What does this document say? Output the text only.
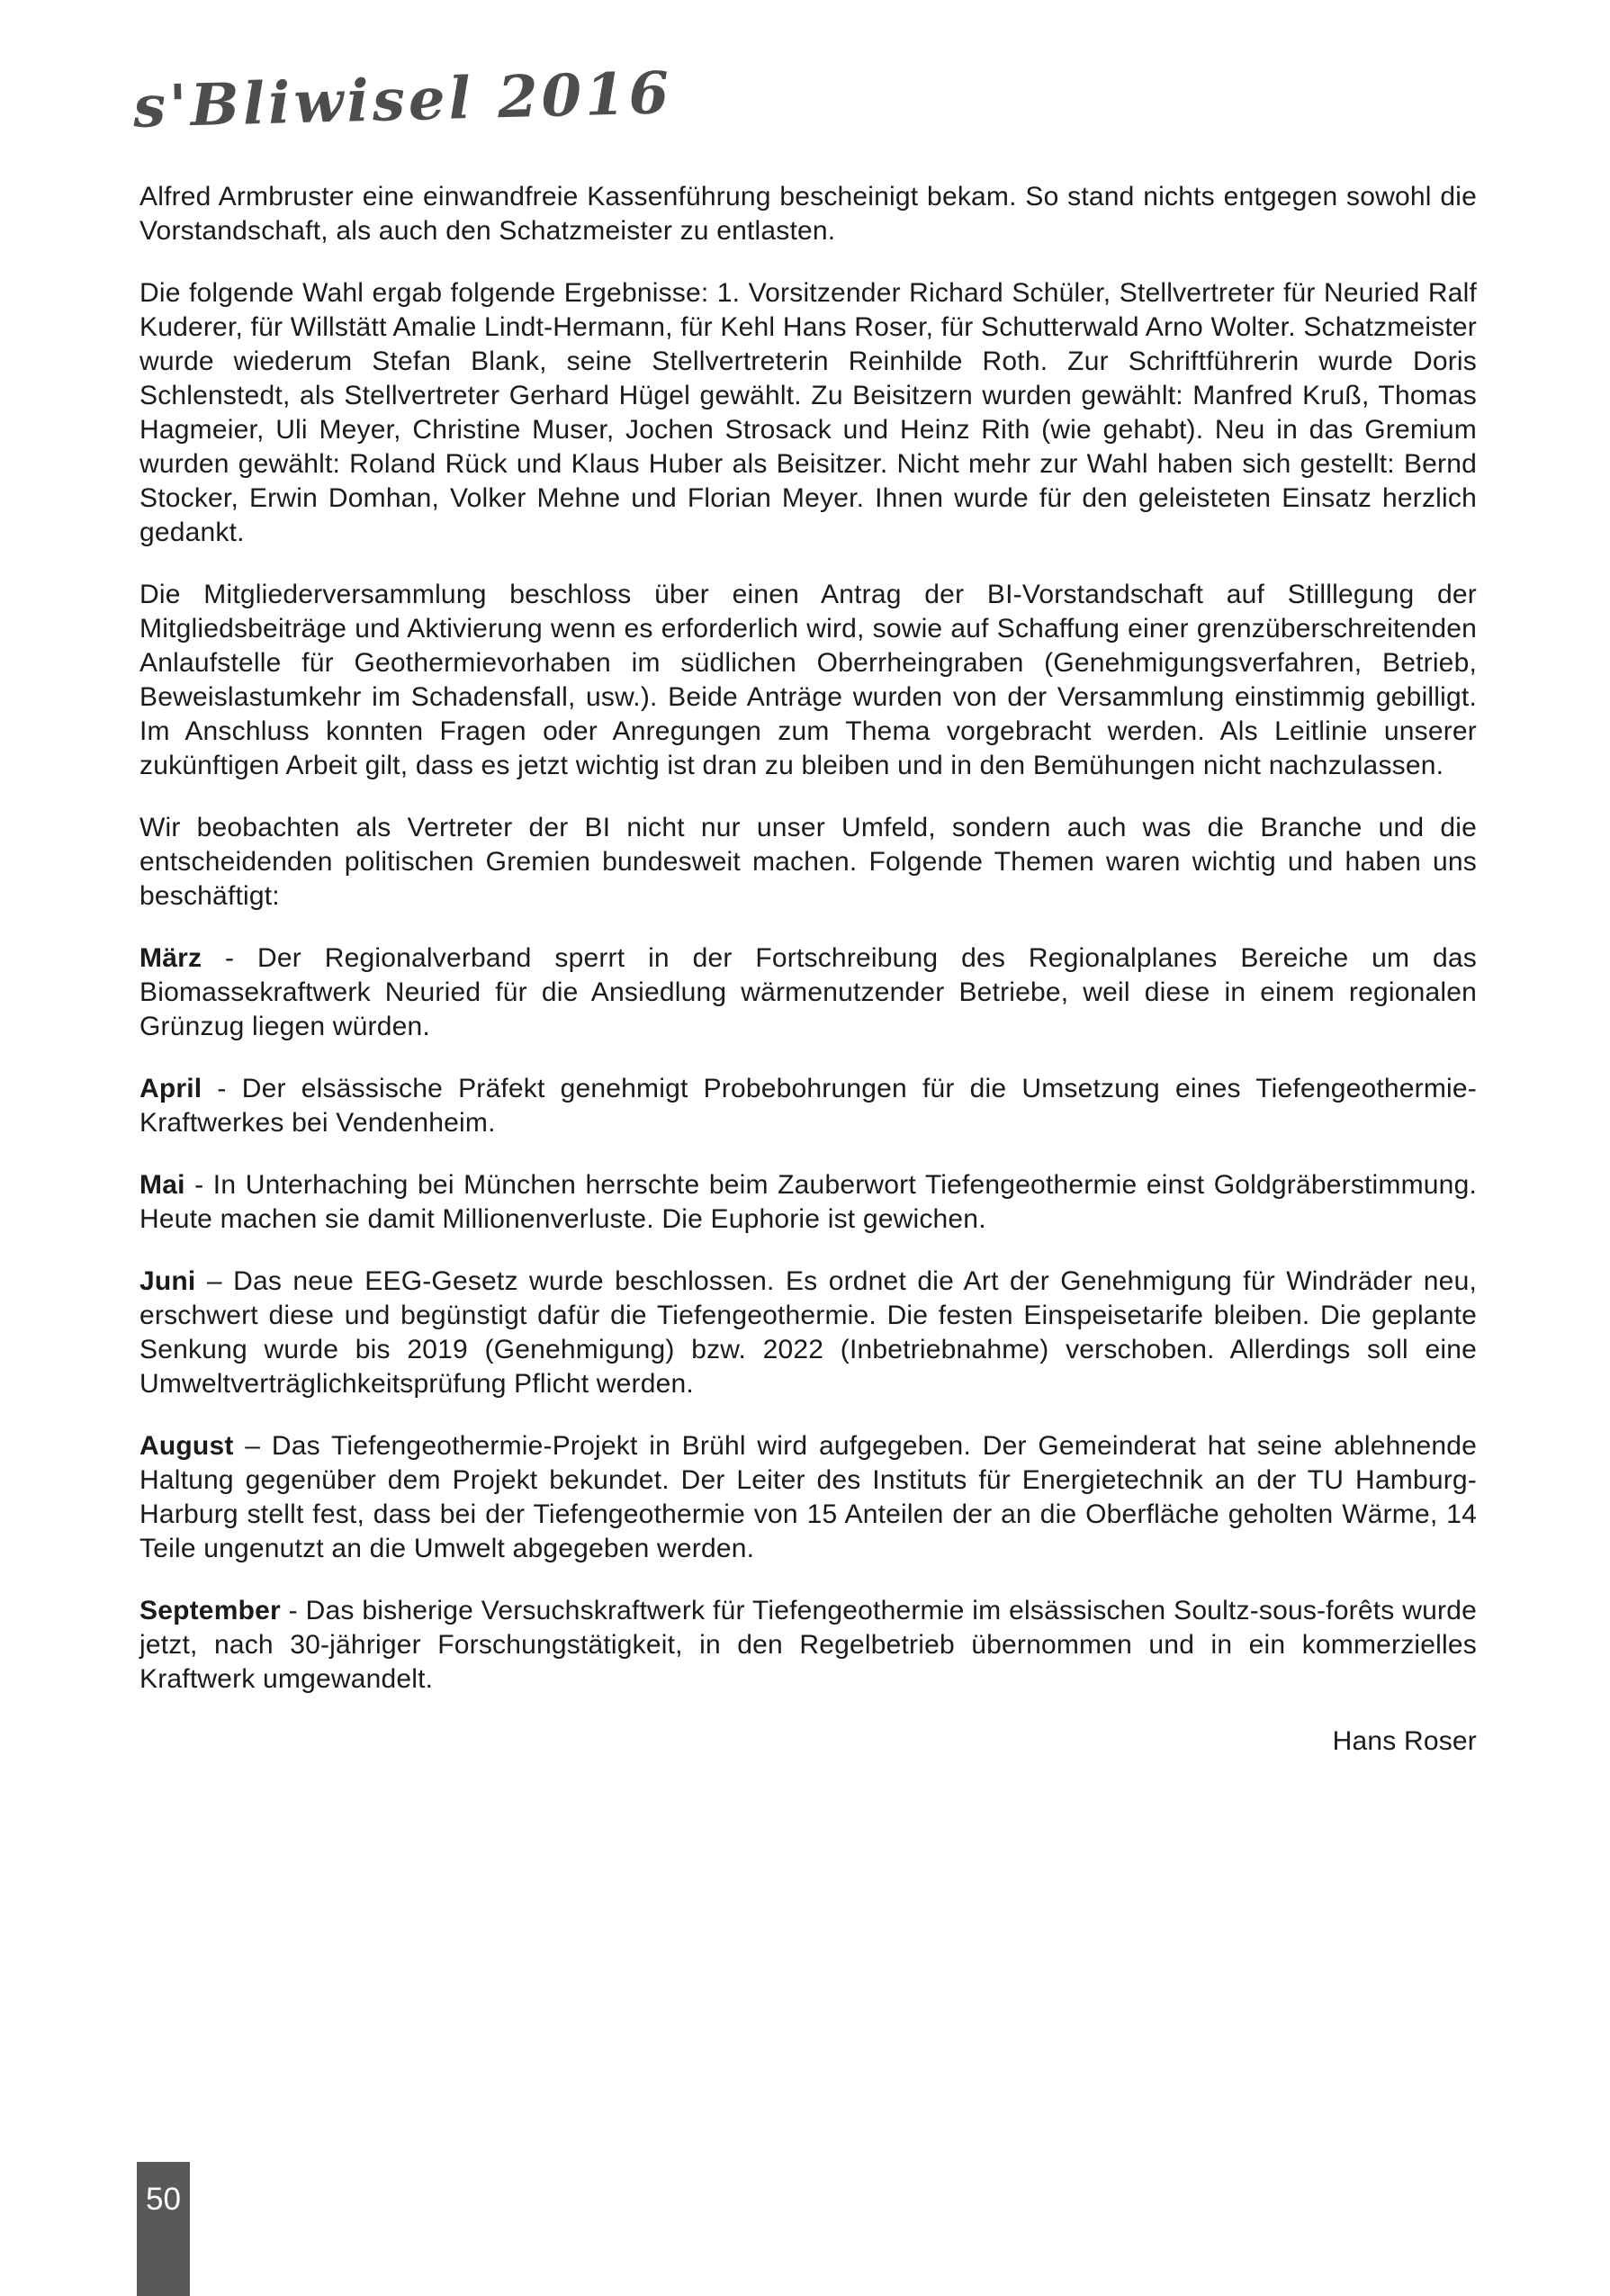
s'Bliwisel 2016

Alfred Armbruster eine einwandfreie Kassenführung bescheinigt bekam. So stand nichts entgegen sowohl die Vorstandschaft, als auch den Schatzmeister zu entlasten.

Die folgende Wahl ergab folgende Ergebnisse: 1. Vorsitzender Richard Schüler, Stellvertreter für Neuried Ralf Kuderer, für Willstätt Amalie Lindt-Hermann, für Kehl Hans Roser, für Schutterwald Arno Wolter. Schatzmeister wurde wiederum Stefan Blank, seine Stellvertreterin Reinhilde Roth. Zur Schriftführerin wurde Doris Schlenstedt, als Stellvertreter Gerhard Hügel gewählt. Zu Beisitzern wurden gewählt: Manfred Kruß, Thomas Hagmeier, Uli Meyer, Christine Muser, Jochen Strosack und Heinz Rith (wie gehabt). Neu in das Gremium wurden gewählt: Roland Rück und Klaus Huber als Beisitzer. Nicht mehr zur Wahl haben sich gestellt: Bernd Stocker, Erwin Domhan, Volker Mehne und Florian Meyer. Ihnen wurde für den geleisteten Einsatz herzlich gedankt.

Die Mitgliederversammlung beschloss über einen Antrag der BI-Vorstandschaft auf Stilllegung der Mitgliedsbeiträge und Aktivierung wenn es erforderlich wird, sowie auf Schaffung einer grenzüberschreitenden Anlaufstelle für Geothermievorhaben im südlichen Oberrheingraben (Genehmigungsverfahren, Betrieb, Beweislastumkehr im Schadensfall, usw.). Beide Anträge wurden von der Versammlung einstimmig gebilligt. Im Anschluss konnten Fragen oder Anregungen zum Thema vorgebracht werden. Als Leitlinie unserer zukünftigen Arbeit gilt, dass es jetzt wichtig ist dran zu bleiben und in den Bemühungen nicht nachzulassen.

Wir beobachten als Vertreter der BI nicht nur unser Umfeld, sondern auch was die Branche und die entscheidenden politischen Gremien bundesweit machen. Folgende Themen waren wichtig und haben uns beschäftigt:

März - Der Regionalverband sperrt in der Fortschreibung des Regionalplanes Bereiche um das Biomassekraftwerk Neuried für die Ansiedlung wärmenutzender Betriebe, weil diese in einem regionalen Grünzug liegen würden.

April - Der elsässische Präfekt genehmigt Probebohrungen für die Umsetzung eines Tiefengeothermie-Kraftwerkes bei Vendenheim.

Mai - In Unterhaching bei München herrschte beim Zauberwort Tiefengeothermie einst Goldgräberstimmung. Heute machen sie damit Millionenverluste. Die Euphorie ist gewichen.

Juni – Das neue EEG-Gesetz wurde beschlossen. Es ordnet die Art der Genehmigung für Windräder neu, erschwert diese und begünstigt dafür die Tiefengeothermie. Die festen Einspeisetarife bleiben. Die geplante Senkung wurde bis 2019 (Genehmigung) bzw. 2022 (Inbetriebnahme) verschoben. Allerdings soll eine Umweltverträglichkeitsprüfung Pflicht werden.

August – Das Tiefengeothermie-Projekt in Brühl wird aufgegeben. Der Gemeinderat hat seine ablehnende Haltung gegenüber dem Projekt bekundet. Der Leiter des Instituts für Energietechnik an der TU Hamburg-Harburg stellt fest, dass bei der Tiefengeothermie von 15 Anteilen der an die Oberfläche geholten Wärme, 14 Teile ungenutzt an die Umwelt abgegeben werden.

September - Das bisherige Versuchskraftwerk für Tiefengeothermie im elsässischen Soultz-sous-forêts wurde jetzt, nach 30-jähriger Forschungstätigkeit, in den Regelbetrieb übernommen und in ein kommerzielles Kraftwerk umgewandelt.

Hans Roser
50
